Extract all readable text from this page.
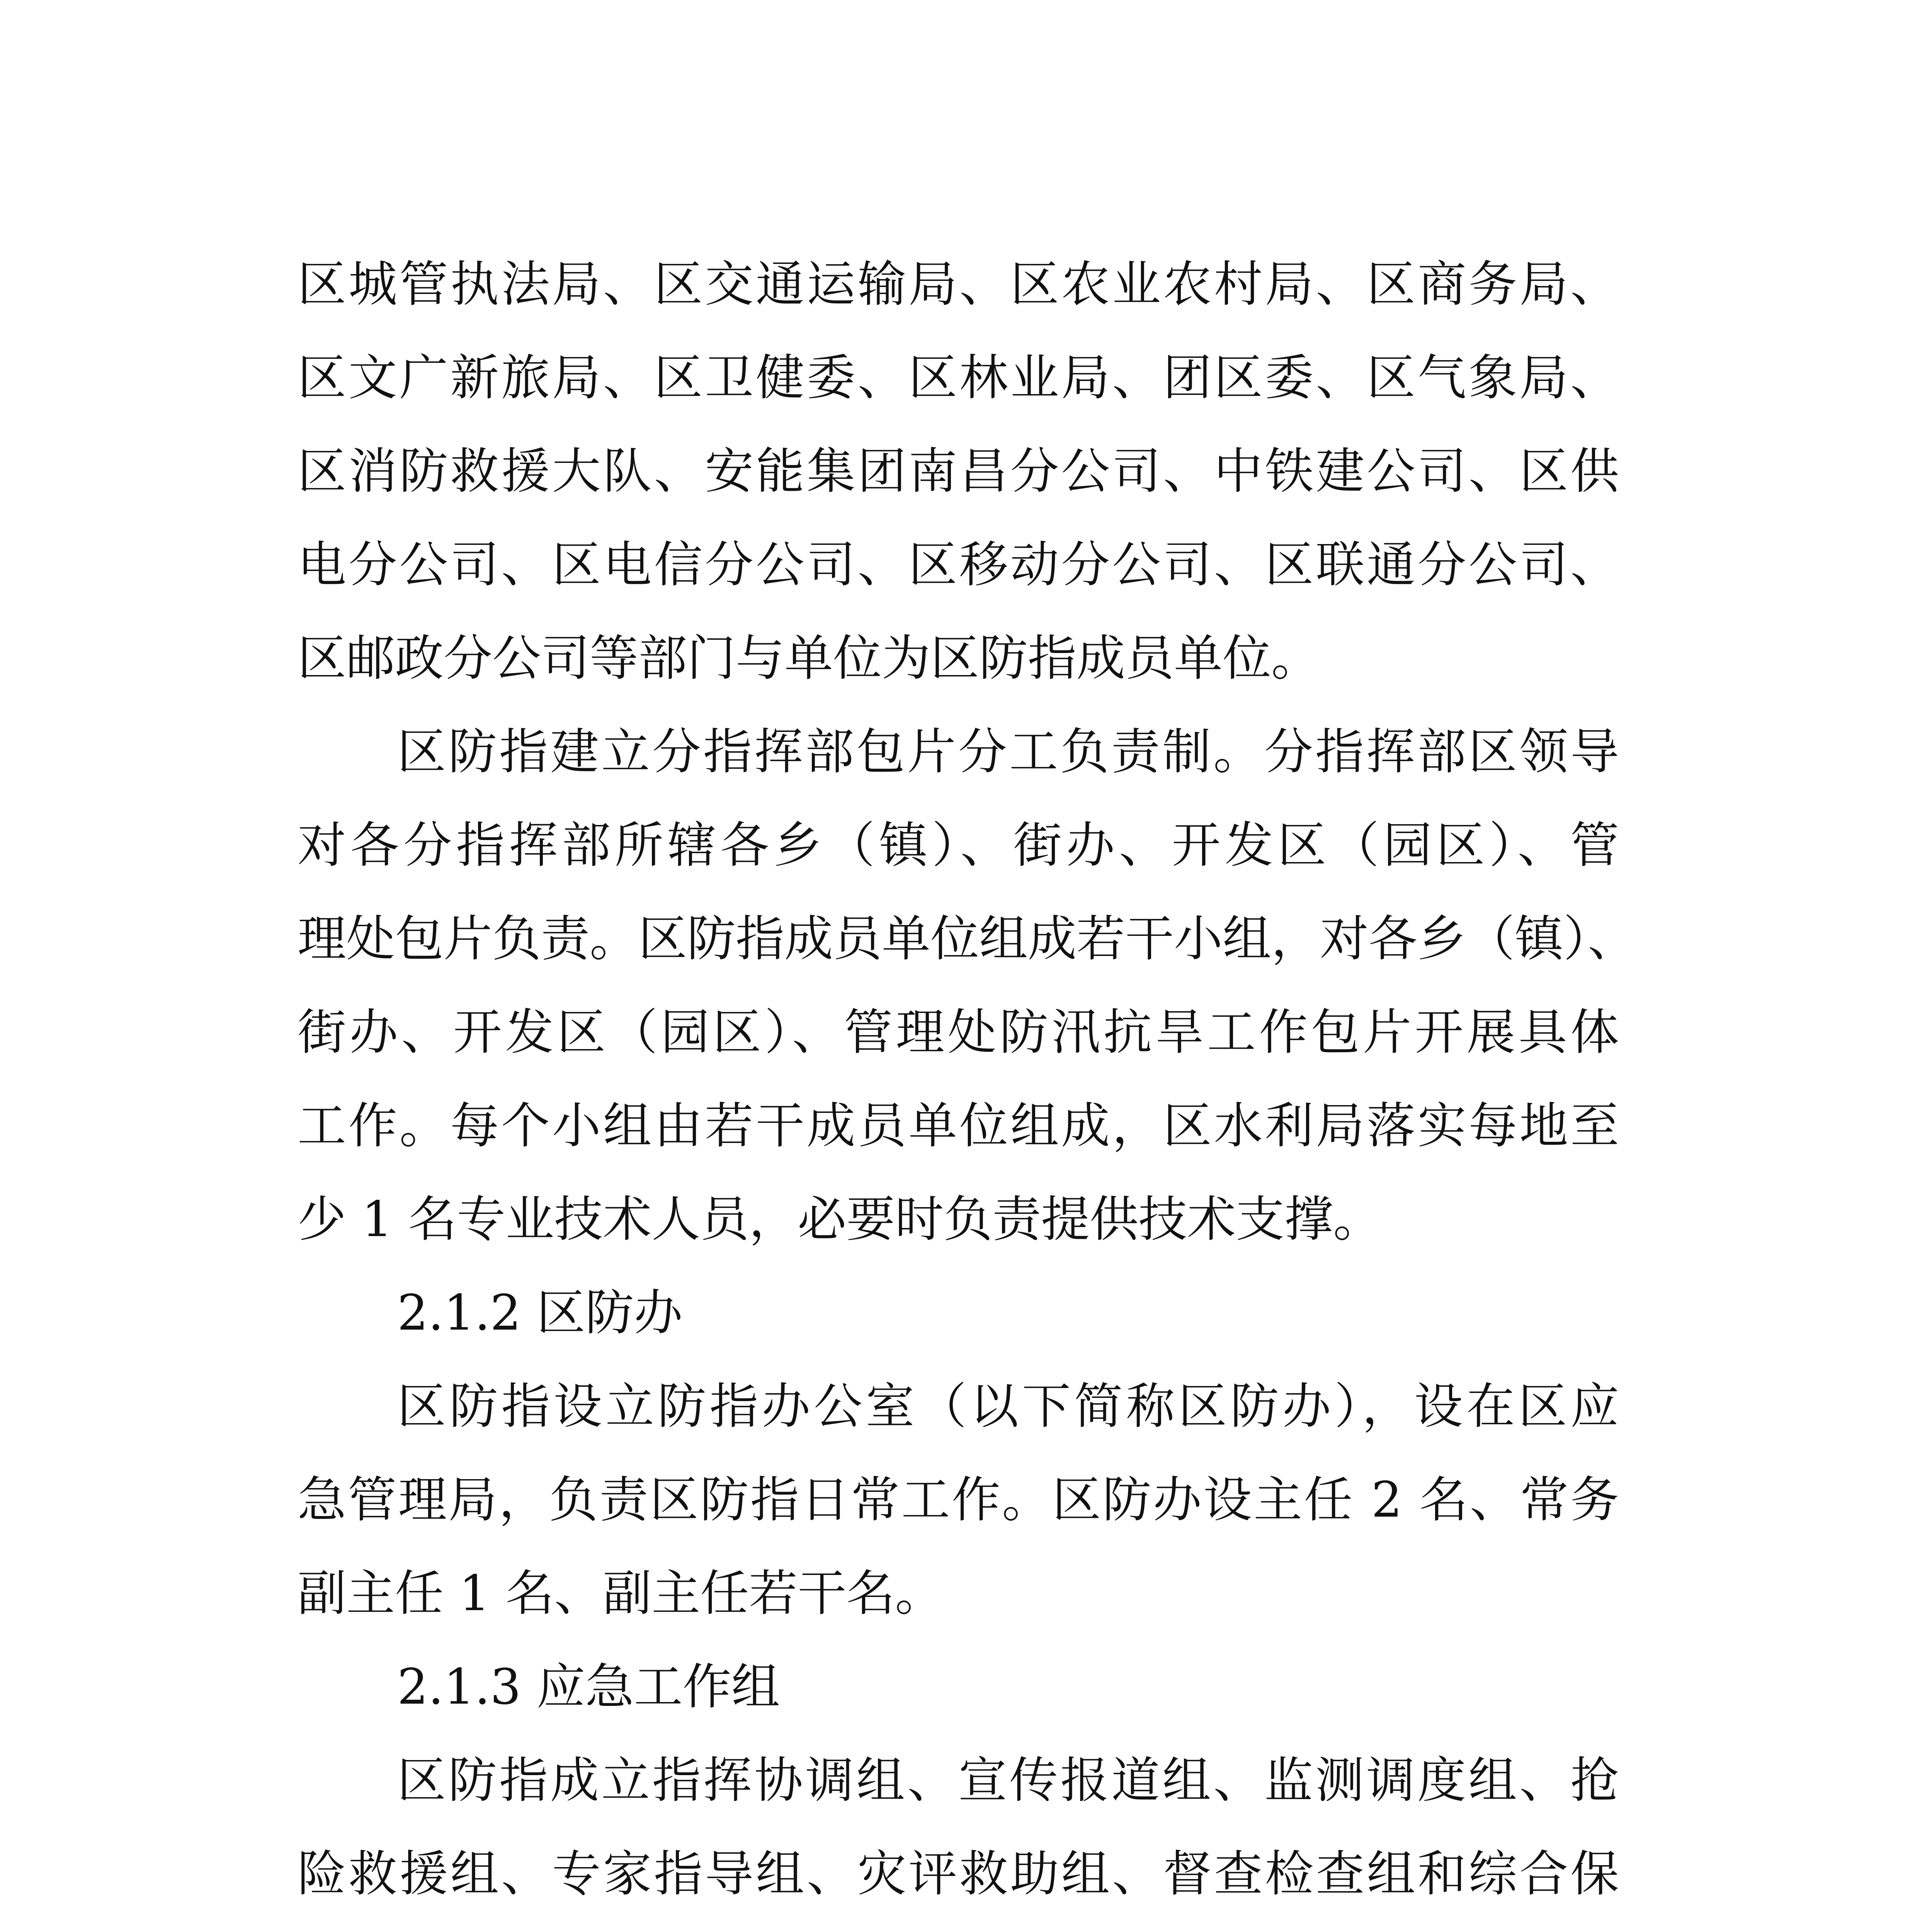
区城管执法局、区交通运输局、区农业农村局、区商务局、
区文广新旅局、区卫健委、区林业局、团区委、区气象局、
区消防救援大队、安能集团南昌分公司、中铁建公司、区供
电分公司、区电信分公司、区移动分公司、区联通分公司、
区邮政分公司等部门与单位为区防指成员单位。
区防指建立分指挥部包片分工负责制。分指挥部区领导
对各分指挥部所辖各乡（镇）、街办、开发区（园区）、管
理处包片负责。区防指成员单位组成若干小组，对各乡（镇）、
街办、开发区（园区）、管理处防汛抗旱工作包片开展具体
工作。每个小组由若干成员单位组成，区水利局落实每地至
少 1 名专业技术人员，必要时负责提供技术支撑。
2.1.2 区防办
区防指设立防指办公室（以下简称区防办），设在区应
急管理局，负责区防指日常工作。区防办设主任 2 名、常务
副主任 1 名、副主任若干名。
2.1.3 应急工作组
区防指成立指挥协调组、宣传报道组、监测调度组、抢
险救援组、专家指导组、灾评救助组、督查检查组和综合保
